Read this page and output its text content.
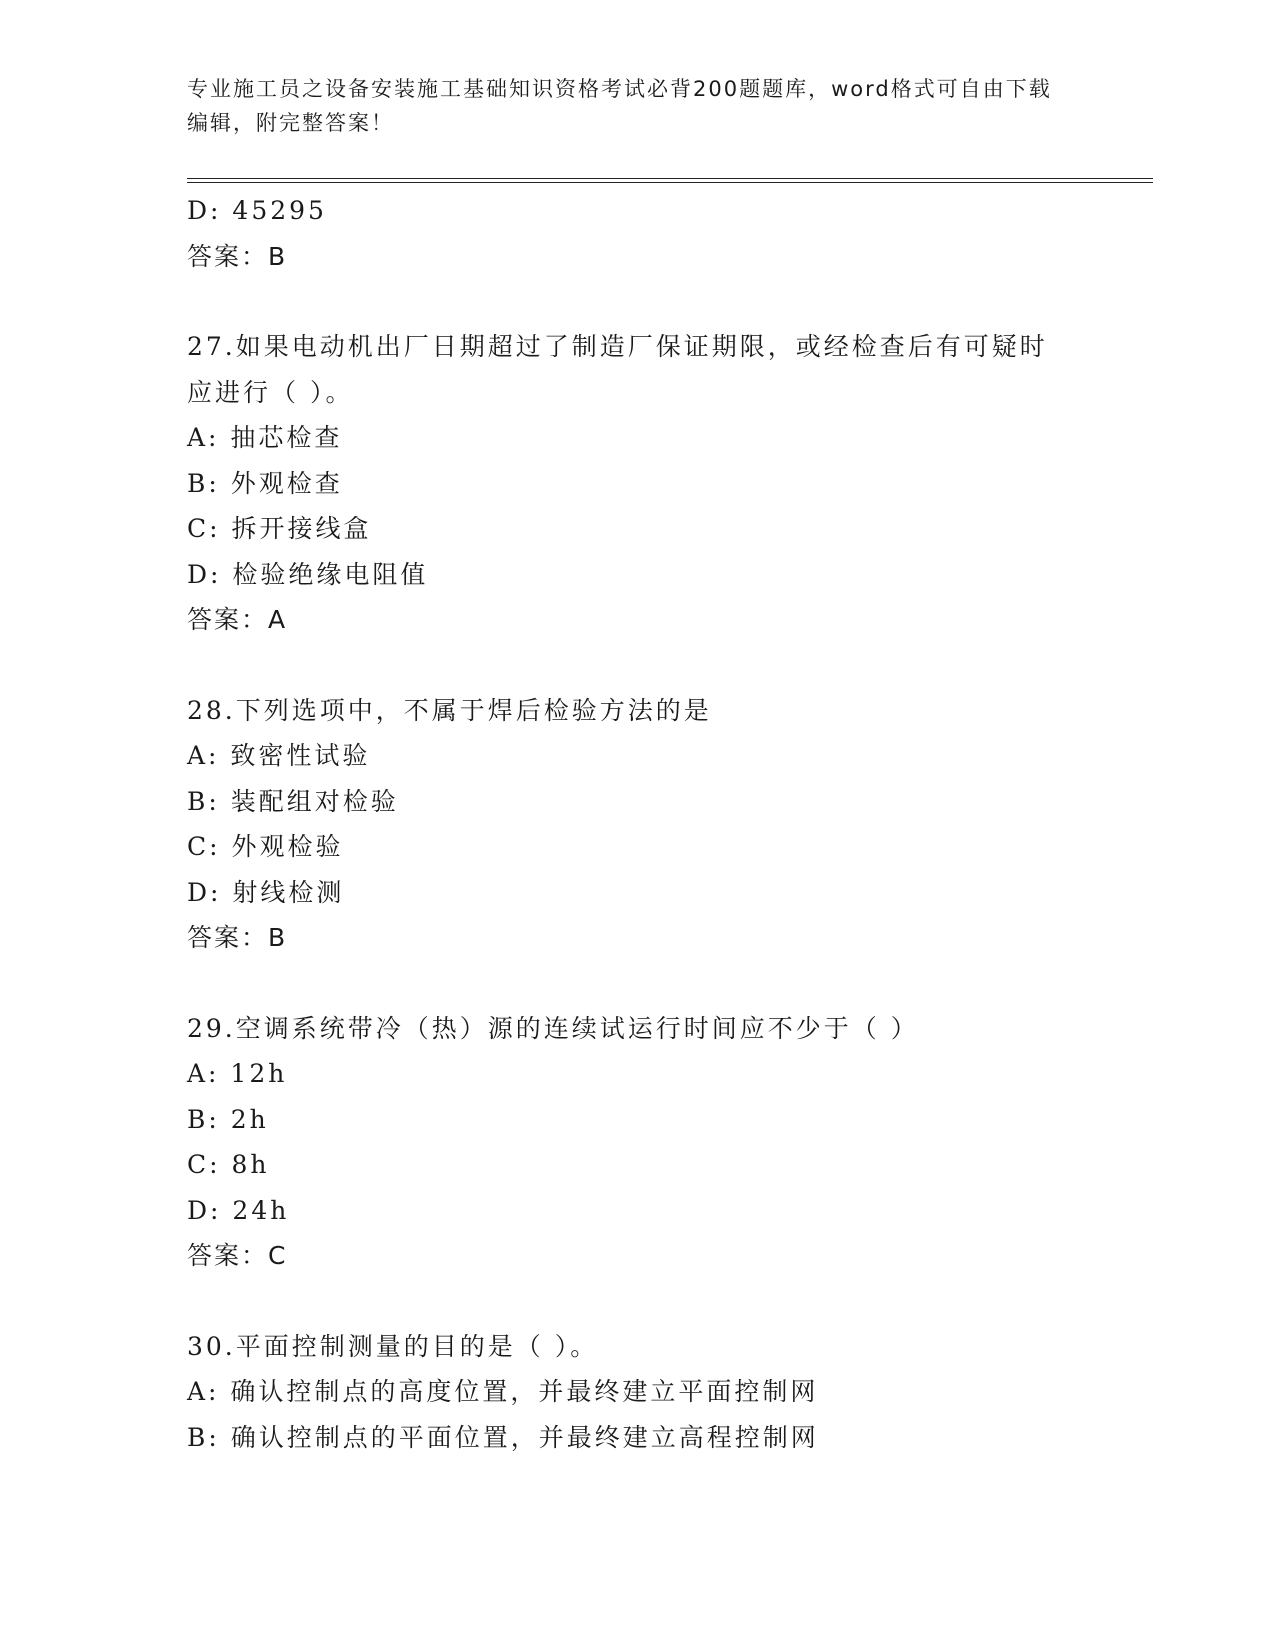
专业施工员之设备安装施工基础知识资格考试必背200题题库，word格式可自由下载编辑，附完整答案！
D: 45295
答案：B
27.如果电动机出厂日期超过了制造厂保证期限，或经检查后有可疑时应进行（ ）。
A: 抽芯检查
B: 外观检查
C: 拆开接线盒
D: 检验绝缘电阻值
答案：A
28.下列选项中，不属于焊后检验方法的是
A: 致密性试验
B: 装配组对检验
C: 外观检验
D: 射线检测
答案：B
29.空调系统带冷（热）源的连续试运行时间应不少于（ ）
A: 12h
B: 2h
C: 8h
D: 24h
答案：C
30.平面控制测量的目的是（ ）。
A: 确认控制点的高度位置，并最终建立平面控制网
B: 确认控制点的平面位置，并最终建立高程控制网
